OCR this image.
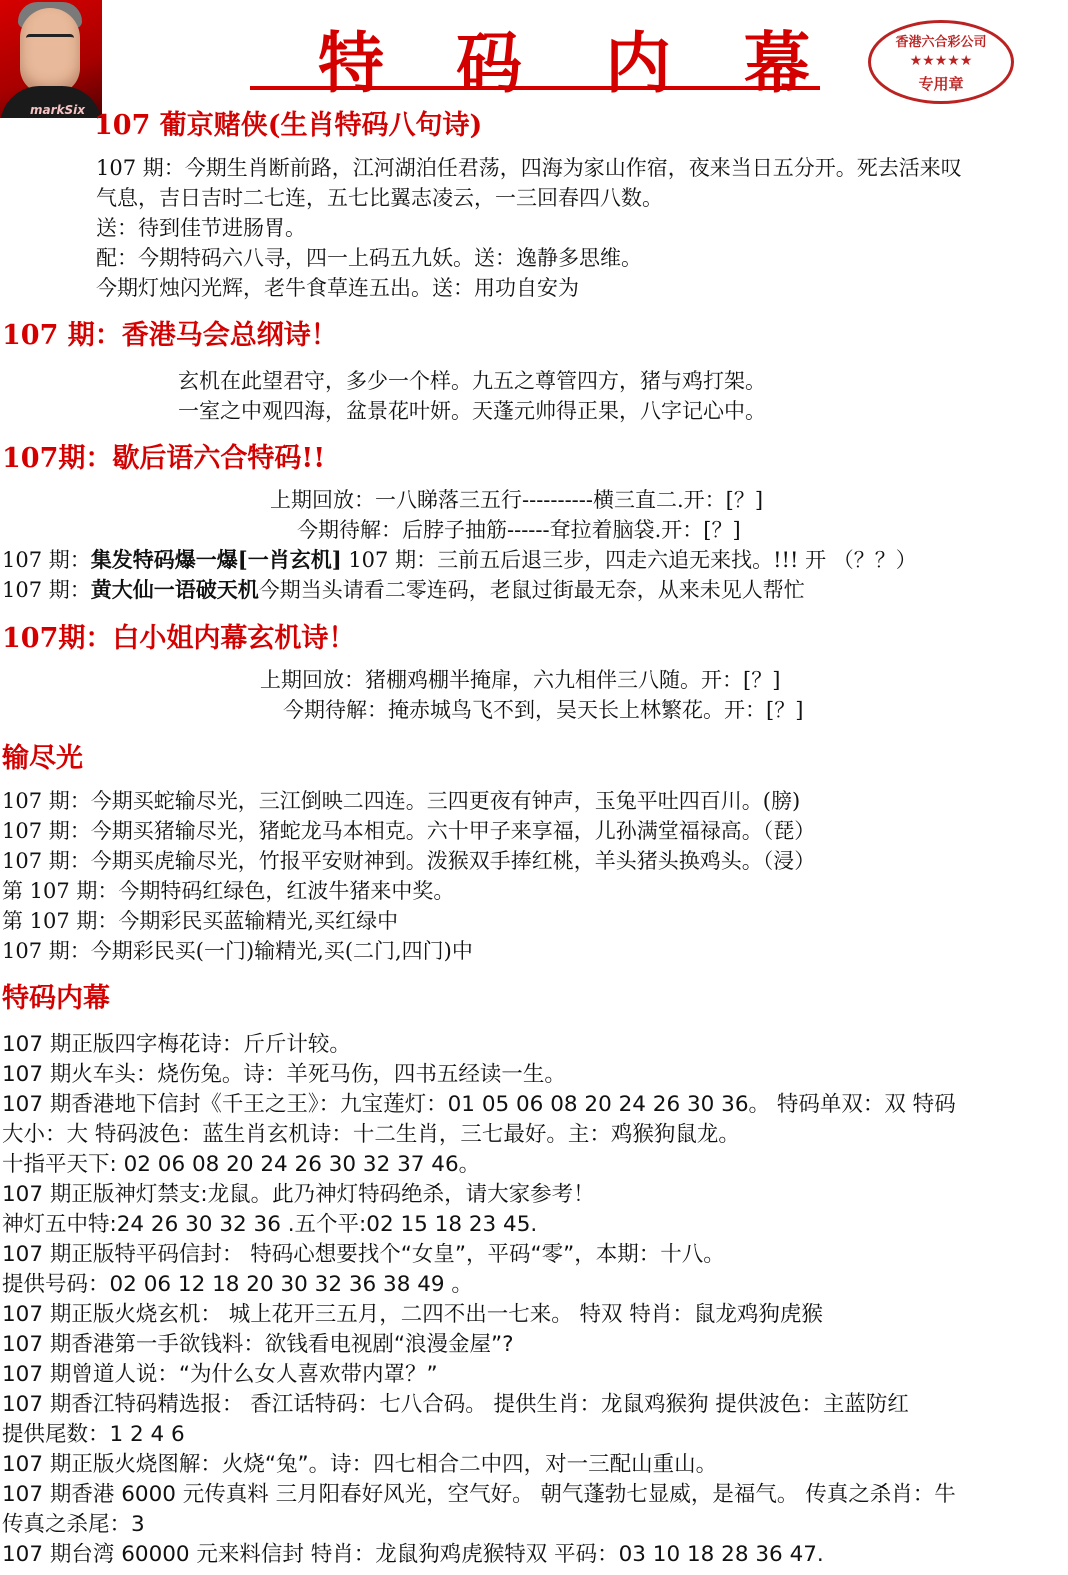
markSix
特 码 内 幕	香港六合彩公司
★★★★★
专用章
107 葡京赌侠(生肖特码八句诗)
107 期：今期生肖断前路，江河湖泊任君荡，四海为家山作宿，夜来当日五分开。死去活来叹
气息，吉日吉时二七连，五七比翼志凌云，一三回春四八数。
送：待到佳节进肠胃。
配：今期特码六八寻，四一上码五九妖。送：逸静多思维。
今期灯烛闪光辉，老牛食草连五出。送：用功自安为
107 期：香港马会总纲诗！
玄机在此望君守，多少一个样。九五之尊管四方，猪与鸡打架。
一室之中观四海，盆景花叶妍。天蓬元帅得正果，八字记心中。
107期：歇后语六合特码!!
上期回放：一八睇落三五行----------横三直二.开：[？]
今期待解：后脖子抽筋------耷拉着脑袋.开：[？]
107 期：集发特码爆一爆[一肖玄机] 107 期：三前五后退三步，四走六追无来找。!!! 开 （？？）
107 期：黄大仙一语破天机今期当头请看二零连码，老鼠过街最无奈，从来未见人帮忙
107期：白小姐内幕玄机诗！
上期回放：猪棚鸡棚半掩扉，六九相伴三八随。开：[？]
今期待解：掩赤城鸟飞不到，吴天长上林繁花。开：[？]
输尽光
107 期：今期买蛇输尽光，三江倒映二四连。三四更夜有钟声，玉兔平吐四百川。(膀)
107 期：今期买猪输尽光，猪蛇龙马本相克。六十甲子来享福，儿孙满堂福禄高。（琵）
107 期：今期买虎输尽光，竹报平安财神到。泼猴双手捧红桃，羊头猪头换鸡头。（浸）
第 107 期：今期特码红绿色，红波牛猪来中奖。
第 107 期：今期彩民买蓝输精光,买红绿中
107 期：今期彩民买(一门)输精光,买(二门,四门)中
特码内幕
107 期正版四字梅花诗：斤斤计较。
107 期火车头：烧伤兔。诗：羊死马伤，四书五经读一生。
107 期香港地下信封《千王之王》：九宝莲灯：01 05 06 08 20 24 26 30 36。 特码单双：双 特码
大小：大 特码波色：蓝生肖玄机诗：十二生肖，三七最好。主：鸡猴狗鼠龙。
十指平天下: 02 06 08 20 24 26 30 32 37 46。
107 期正版神灯禁支:龙鼠。此乃神灯特码绝杀，请大家参考！
神灯五中特:24 26 30 32 36 .五个平:02 15 18 23 45.
107 期正版特平码信封： 特码心想要找个“女皇”，平码“零”，本期：十八。
提供号码：02 06 12 18 20 30 32 36 38 49 。
107 期正版火烧玄机： 城上花开三五月，二四不出一七来。 特双 特肖：鼠龙鸡狗虎猴
107 期香港第一手欲钱料：欲钱看电视剧“浪漫金屋”?
107 期曾道人说：“为什么女人喜欢带内罩？”
107 期香江特码精选报： 香江话特码：七八合码。 提供生肖：龙鼠鸡猴狗 提供波色：主蓝防红
提供尾数：1 2 4 6
107 期正版火烧图解：火烧“兔”。诗：四七相合二中四，对一三配山重山。
107 期香港 6000 元传真料 三月阳春好风光，空气好。 朝气蓬勃七显威，是福气。 传真之杀肖：牛
传真之杀尾：3
107 期台湾 60000 元来料信封 特肖：龙鼠狗鸡虎猴特双 平码：03 10 18 28 36 47.
